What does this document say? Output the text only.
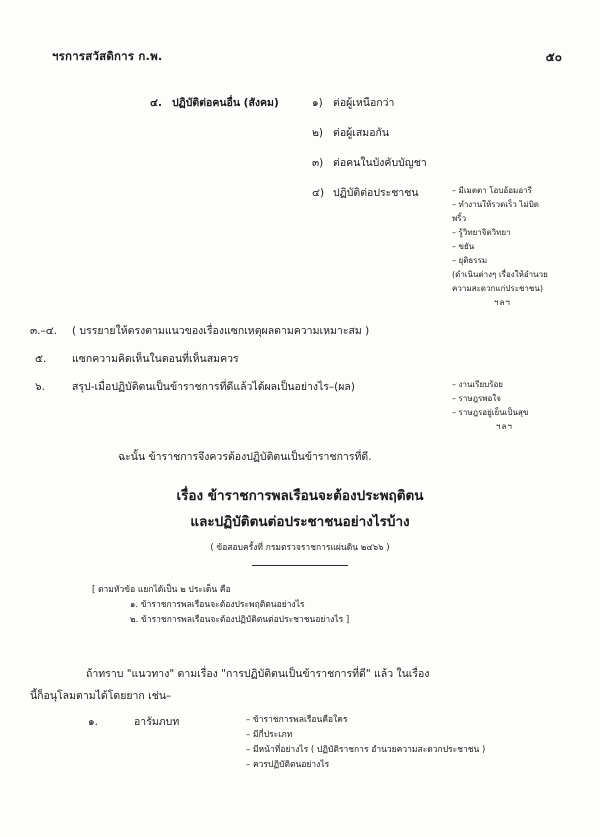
ฯรการสวัสดิการ ก.พ.	๕๐
๔. ปฏิบัติต่อคนอื่น (สังคม)	๑) ต่อผู้เหนือกว่า
๒) ต่อผู้เสมอกัน
๓) ต่อคนในบังคับบัญชา
๔) ปฏิบัติต่อประชาชน	– มีเมตตา โอบอ้อมอารี
– ทำงานให้รวดเร็ว ไม่บิด
พริ้ว
– รู้วิทยาจิตวิทยา
– ขยัน
– ยุติธรรม
(ดำเนินต่างๆ เรื่องให้อำนวย
ความสะดวกแก่ประชาชน)
ฯลฯ
๓.–๔. ( บรรยายให้ตรงตามแนวของเรื่องแซกเหตุผลตามความเหมาะสม )
๕. แซกความคิดเห็นในตอนที่เห็นสมควร
๖.	สรุป-เมื่อปฏิบัติตนเป็นข้าราชการที่ดีแล้วได้ผลเป็นอย่างไร–(ผล)	– งานเรียบร้อย
– ราษฎรพอใจ
– ราษฎรอยู่เย็นเป็นสุข
ฯลฯ
ฉะนั้น ข้าราชการจึงควรต้องปฏิบัติตนเป็นข้าราชการที่ดี.
เรื่อง ข้าราชการพลเรือนจะต้องประพฤติตน
และปฏิบัติตนต่อประชาชนอย่างไรบ้าง
( ข้อสอบครั้งที่ กรมตรวจราชการแผ่นดิน ๒๔๖๖ )
[ ตามหัวข้อ แยกได้เป็น ๒ ประเด็น คือ
๑. ข้าราชการพลเรือนจะต้องประพฤติตนอย่างไร
๒. ข้าราชการพลเรือนจะต้องปฏิบัติตนต่อประชาชนอย่างไร ]
ถ้าทราบ "แนวทาง" ตามเรื่อง "การปฏิบัติตนเป็นข้าราชการที่ดี" แล้ว ในเรื่อง
นี้ก็อนุโลมตามได้โดยยาก เช่น–
๑.	อารัมภบท	– ข้าราชการพลเรือนคือใคร
– มีกี่ประเภท
– มีหน้าที่อย่างไร ( ปฏิบัติราชการ อำนวยความสะดวกประชาชน )
– ควรปฏิบัติตนอย่างไร
